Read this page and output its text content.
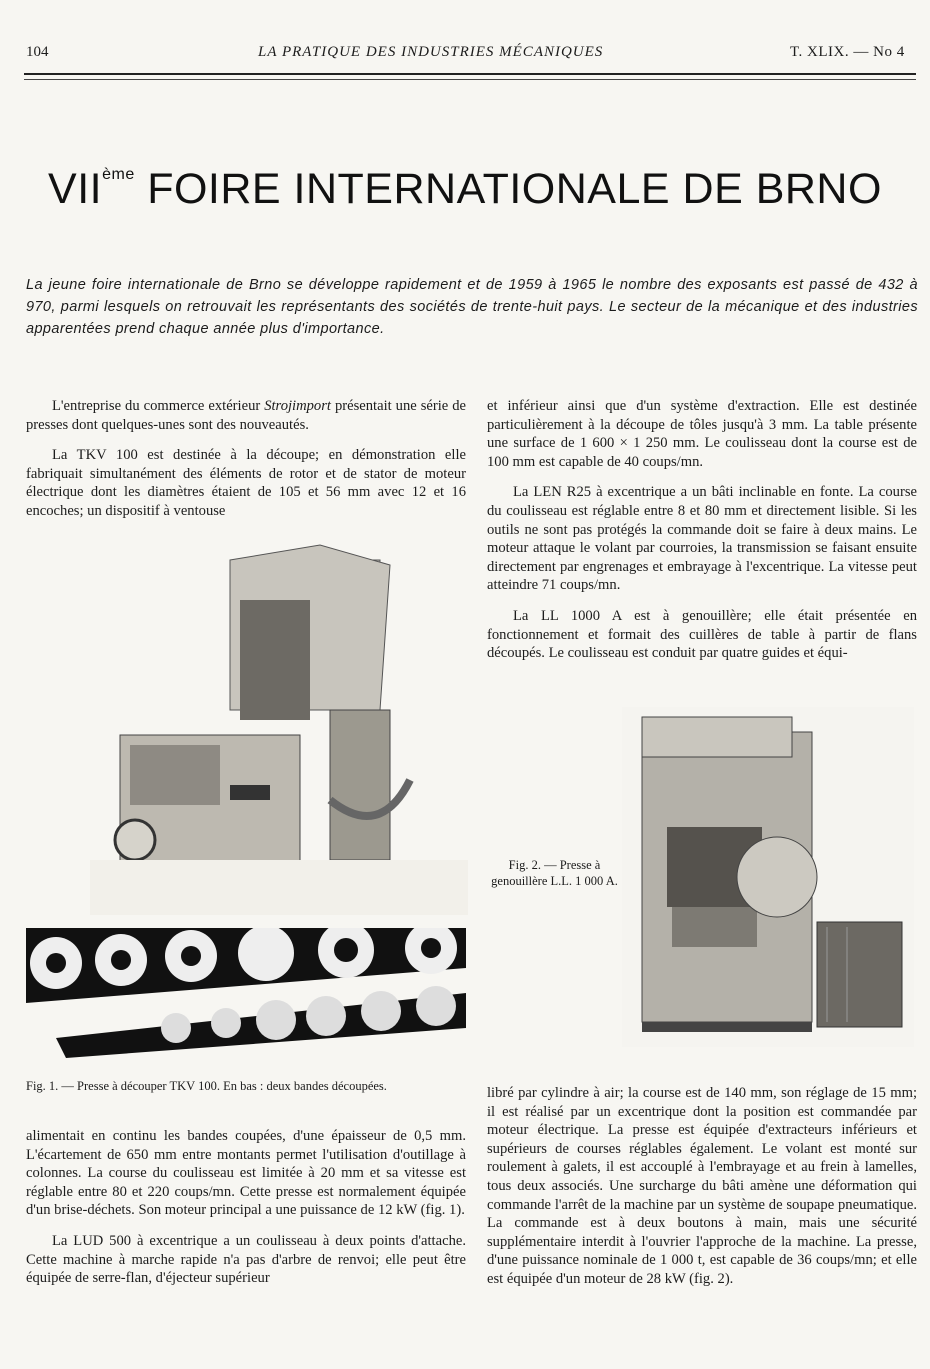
104	LA PRATIQUE DES INDUSTRIES MÉCANIQUES	T. XLIX. — No 4
VIIème FOIRE INTERNATIONALE DE BRNO
La jeune foire internationale de Brno se développe rapidement et de 1959 à 1965 le nombre des exposants est passé de 432 à 970, parmi lesquels on retrouvait les représentants des sociétés de trente-huit pays. Le secteur de la mécanique et des industries apparentées prend chaque année plus d'importance.

L'entreprise du commerce extérieur Strojimport présentait une série de presses dont quelques-unes sont des nouveautés.

La TKV 100 est destinée à la découpe; en démonstration elle fabriquait simultanément des éléments de rotor et de stator de moteur électrique dont les diamètres étaient de 105 et 56 mm avec 12 et 16 encoches; un dispositif à ventouse

et inférieur ainsi que d'un système d'extraction. Elle est destinée particulièrement à la découpe de tôles jusqu'à 3 mm. La table présente une surface de 1 600 × 1 250 mm. Le coulisseau dont la course est de 100 mm est capable de 40 coups/mn.

La LEN R25 à excentrique a un bâti inclinable en fonte. La course du coulisseau est réglable entre 8 et 80 mm et directement lisible. Si les outils ne sont pas protégés la commande doit se faire à deux mains. Le moteur attaque le volant par courroies, la transmission se faisant ensuite directement par engrenages et embrayage à l'excentrique. La vitesse peut atteindre 71 coups/mn.

La LL 1000 A est à genouillère; elle était présentée en fonctionnement et formait des cuillères de table à partir de flans découpés. Le coulisseau est conduit par quatre guides et équi-

Fig. 1. — Presse à découper TKV 100. En bas : deux bandes découpées.
Fig. 2. — Presse à genouillère L.L. 1 000 A.

alimentait en continu les bandes coupées, d'une épaisseur de 0,5 mm. L'écartement de 650 mm entre montants permet l'utilisation d'outillage à colonnes. La course du coulisseau est limitée à 20 mm et sa vitesse est réglable entre 80 et 220 coups/mn. Cette presse est normalement équipée d'un brise-déchets. Son moteur principal a une puissance de 12 kW (fig. 1).

La LUD 500 à excentrique a un coulisseau à deux points d'attache. Cette machine à marche rapide n'a pas d'arbre de renvoi; elle peut être équipée de serre-flan, d'éjecteur supérieur

libré par cylindre à air; la course est de 140 mm, son réglage de 15 mm; il est réalisé par un excentrique dont la position est commandée par moteur électrique. La presse est équipée d'extracteurs inférieurs et supérieurs de courses réglables également. Le volant est monté sur roulement à galets, il est accouplé à l'embrayage et au frein à lamelles, tous deux associés. Une surcharge du bâti amène une déformation qui commande l'arrêt de la machine par un système de soupape pneumatique. La commande est à deux boutons à main, mais une sécurité supplémentaire interdit à l'ouvrier l'approche de la machine. La presse, d'une puissance nominale de 1 000 t, est capable de 36 coups/mn; et elle est équipée d'un moteur de 28 kW (fig. 2).
